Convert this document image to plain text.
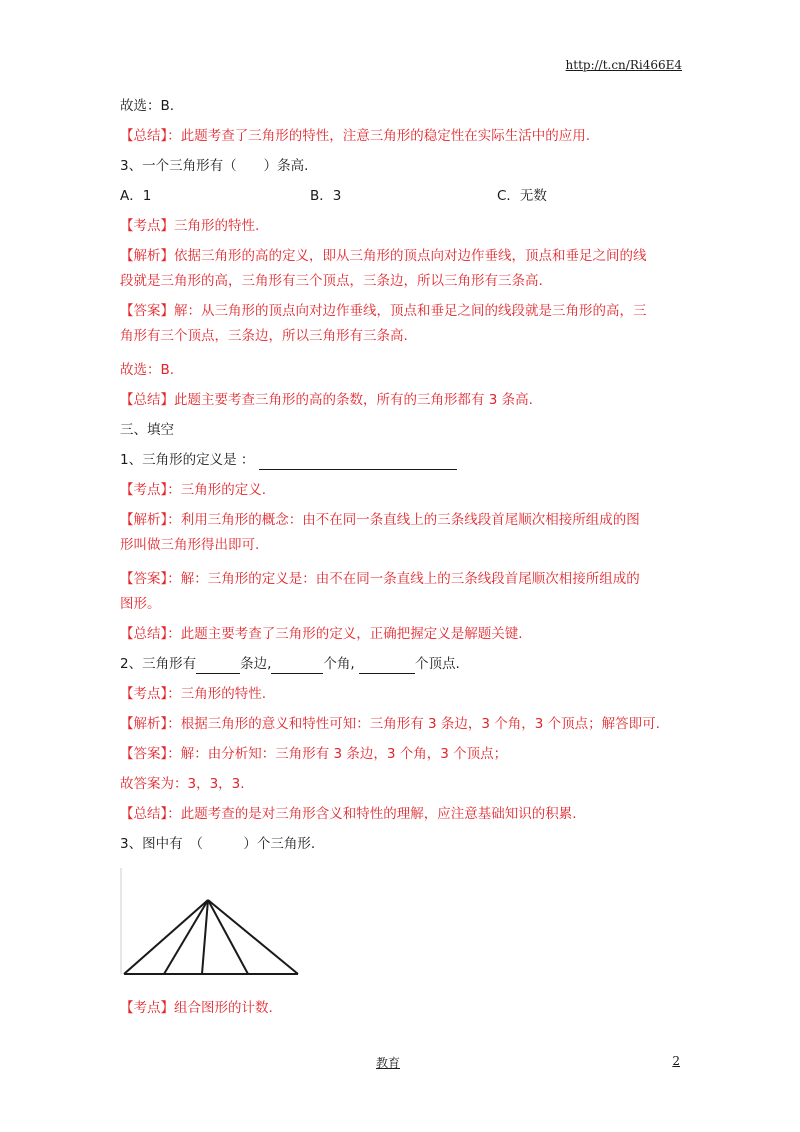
http://t.cn/Ri466E4
故选：B.
【总结】：此题考查了三角形的特性，注意三角形的稳定性在实际生活中的应用.
3、一个三角形有（　　）条高.
A．1	B．3	C．无数
【考点】三角形的特性.
【解析】依据三角形的高的定义，即从三角形的顶点向对边作垂线，顶点和垂足之间的线
段就是三角形的高，三角形有三个顶点，三条边，所以三角形有三条高.
【答案】解：从三角形的顶点向对边作垂线，顶点和垂足之间的线段就是三角形的高，三
角形有三个顶点，三条边，所以三角形有三条高.
故选：B.
【总结】此题主要考查三角形的高的条数，所有的三角形都有 3 条高.
三、填空
1、三角形的定义是 ：
【考点】：三角形的定义.
【解析】：利用三角形的概念：由不在同一条直线上的三条线段首尾顺次相接所组成的图
形叫做三角形得出即可.
【答案】：解：三角形的定义是：由不在同一条直线上的三条线段首尾顺次相接所组成的
图形。
【总结】：此题主要考查了三角形的定义，正确把握定义是解题关键.
2、三角形有	条边,	个角,	个顶点.
【考点】：三角形的特性.
【解析】：根据三角形的意义和特性可知：三角形有 3 条边，3 个角，3 个顶点；解答即可.
【答案】：解：由分析知：三角形有 3 条边，3 个角，3 个顶点；
故答案为：3，3，3.
【总结】：此题考查的是对三角形含义和特性的理解，应注意基础知识的积累.
3、图中有　（　　　）个三角形.
【考点】组合图形的计数.
教育	2
